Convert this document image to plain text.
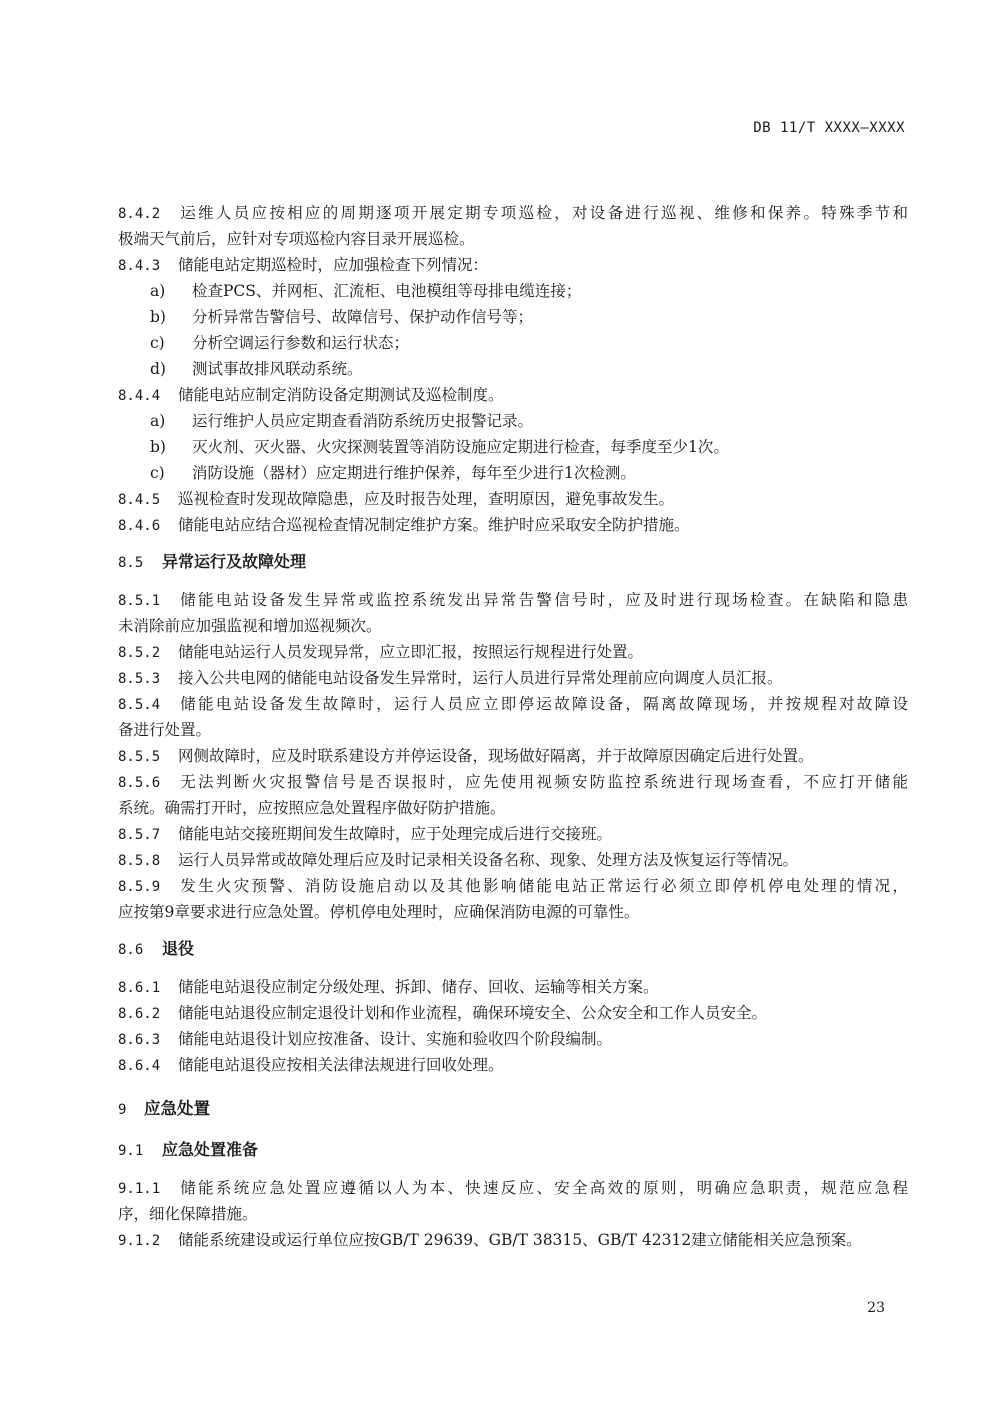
DB 11/T XXXX—XXXX
8.4.2 运维人员应按相应的周期逐项开展定期专项巡检，对设备进行巡视、维修和保养。特殊季节和
极端天气前后，应针对专项巡检内容目录开展巡检。
8.4.3 储能电站定期巡检时，应加强检查下列情况：
a) 检查PCS、并网柜、汇流柜、电池模组等母排电缆连接；
b) 分析异常告警信号、故障信号、保护动作信号等；
c) 分析空调运行参数和运行状态；
d) 测试事故排风联动系统。
8.4.4 储能电站应制定消防设备定期测试及巡检制度。
a) 运行维护人员应定期查看消防系统历史报警记录。
b) 灭火剂、灭火器、火灾探测装置等消防设施应定期进行检查，每季度至少1次。
c) 消防设施（器材）应定期进行维护保养，每年至少进行1次检测。
8.4.5 巡视检查时发现故障隐患，应及时报告处理，查明原因，避免事故发生。
8.4.6 储能电站应结合巡视检查情况制定维护方案。维护时应采取安全防护措施。
8.5 异常运行及故障处理
8.5.1 储能电站设备发生异常或监控系统发出异常告警信号时，应及时进行现场检查。在缺陷和隐患
未消除前应加强监视和增加巡视频次。
8.5.2 储能电站运行人员发现异常，应立即汇报，按照运行规程进行处置。
8.5.3 接入公共电网的储能电站设备发生异常时，运行人员进行异常处理前应向调度人员汇报。
8.5.4 储能电站设备发生故障时，运行人员应立即停运故障设备，隔离故障现场，并按规程对故障设
备进行处置。
8.5.5 网侧故障时，应及时联系建设方并停运设备，现场做好隔离，并于故障原因确定后进行处置。
8.5.6 无法判断火灾报警信号是否误报时，应先使用视频安防监控系统进行现场查看，不应打开储能
系统。确需打开时，应按照应急处置程序做好防护措施。
8.5.7 储能电站交接班期间发生故障时，应于处理完成后进行交接班。
8.5.8 运行人员异常或故障处理后应及时记录相关设备名称、现象、处理方法及恢复运行等情况。
8.5.9 发生火灾预警、消防设施启动以及其他影响储能电站正常运行必须立即停机停电处理的情况，
应按第9章要求进行应急处置。停机停电处理时，应确保消防电源的可靠性。
8.6 退役
8.6.1 储能电站退役应制定分级处理、拆卸、储存、回收、运输等相关方案。
8.6.2 储能电站退役应制定退役计划和作业流程，确保环境安全、公众安全和工作人员安全。
8.6.3 储能电站退役计划应按准备、设计、实施和验收四个阶段编制。
8.6.4 储能电站退役应按相关法律法规进行回收处理。
9 应急处置
9.1 应急处置准备
9.1.1 储能系统应急处置应遵循以人为本、快速反应、安全高效的原则，明确应急职责，规范应急程
序，细化保障措施。
9.1.2 储能系统建设或运行单位应按GB/T 29639、GB/T 38315、GB/T 42312建立储能相关应急预案。
23
